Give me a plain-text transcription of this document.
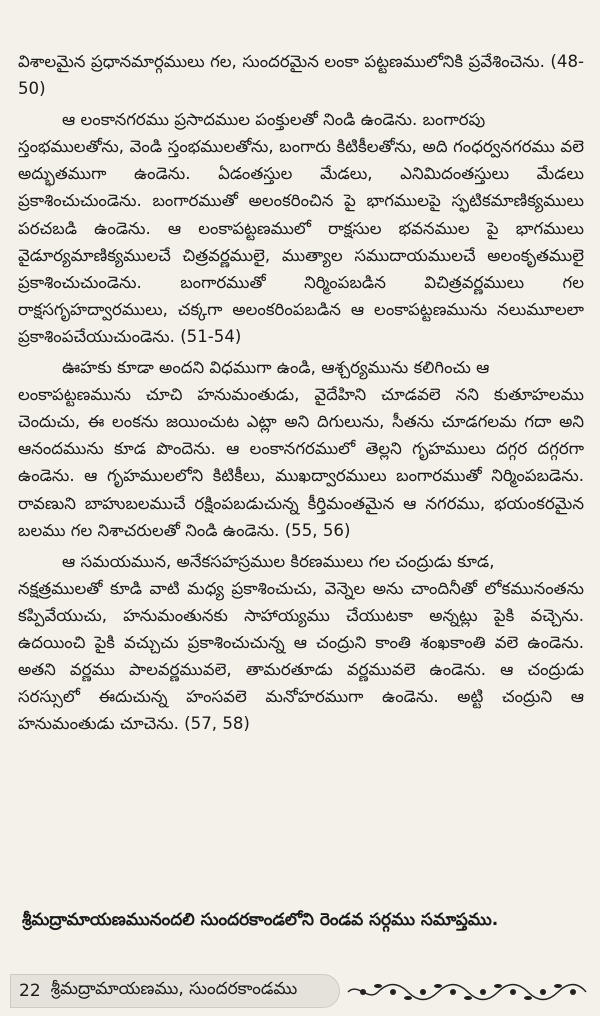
విశాలమైన ప్రధానమార్గములు గల, సుందరమైన లంకా పట్టణములోనికి ప్రవేశించెను. (48-50)

ఆ లంకానగరము ప్రసాదముల పంక్తులతో నిండి ఉండెను. బంగారపు
స్తంభములతోను, వెండి స్తంభములతోను, బంగారు కిటికీలతోను, అది గంధర్వనగరము వలె అద్భుతముగా ఉండెను. ఏడంతస్తుల మేడలు, ఎనిమిదంతస్తులు మేడలు ప్రకాశించుచుండెను. బంగారముతో అలంకరించిన పై భాగములపై స్ఫటికమాణిక్యములు పరచబడి ఉండెను. ఆ లంకాపట్టణములో రాక్షసుల భవనముల పై భాగములు వైడూర్యమాణిక్యములచే చిత్రవర్ణములై, ముత్యాల సముదాయములచే అలంకృతములై ప్రకాశించుచుండెను. బంగారముతో నిర్మింపబడిన విచిత్రవర్ణములు గల రాక్షసగృహద్వారములు, చక్కగా అలంకరింపబడిన ఆ లంకాపట్టణమును నలుమూలలా ప్రకాశింపచేయుచుండెను. (51-54)

ఊహకు కూడా అందని విధముగా ఉండి, ఆశ్చర్యమును కలిగించు ఆ
లంకాపట్టణమును చూచి హనుమంతుడు, వైదేహిని చూడవలె నని కుతూహలము చెందుచు, ఈ లంకను జయించుట ఎట్లా అని దిగులును, సీతను చూడగలమ గదా అని ఆనందమును కూడ పొందెను. ఆ లంకానగరములో తెల్లని గృహములు దగ్గర దగ్గరగా ఉండెను. ఆ గృహములలోని కిటికీలు, ముఖద్వారములు బంగారముతో నిర్మింపబడెను. రావణుని బాహుబలముచే రక్షింపబడుచున్న కీర్తిమంతమైన ఆ నగరము, భయంకరమైన బలము గల నిశాచరులతో నిండి ఉండెను. (55, 56)

ఆ సమయమున, అనేకసహస్రముల కిరణములు గల చంద్రుడు కూడ,
నక్షత్రములతో కూడి వాటి మధ్య ప్రకాశించుచు, వెన్నెల అను చాందినీతో లోకమునంతను కప్పివేయుచు, హనుమంతునకు సాహాయ్యము చేయుటకా అన్నట్లు పైకి వచ్చెను. ఉదయించి పైకి వచ్చుచు ప్రకాశించుచున్న ఆ చంద్రుని కాంతి శంఖకాంతి వలె ఉండెను. అతని వర్ణము పాలవర్ణమువలె, తామరతూడు వర్ణమువలె ఉండెను. ఆ చంద్రుడు సరస్సులో ఈదుచున్న హంసవలె మనోహరముగా ఉండెను. అట్టి చంద్రుని ఆ హనుమంతుడు చూచెను. (57, 58)

శ్రీమద్రామాయణమునందలి సుందరకాండలోని రెండవ సర్గము సమాప్తము.
22 శ్రీమద్రామాయణము, సుందరకాండము
